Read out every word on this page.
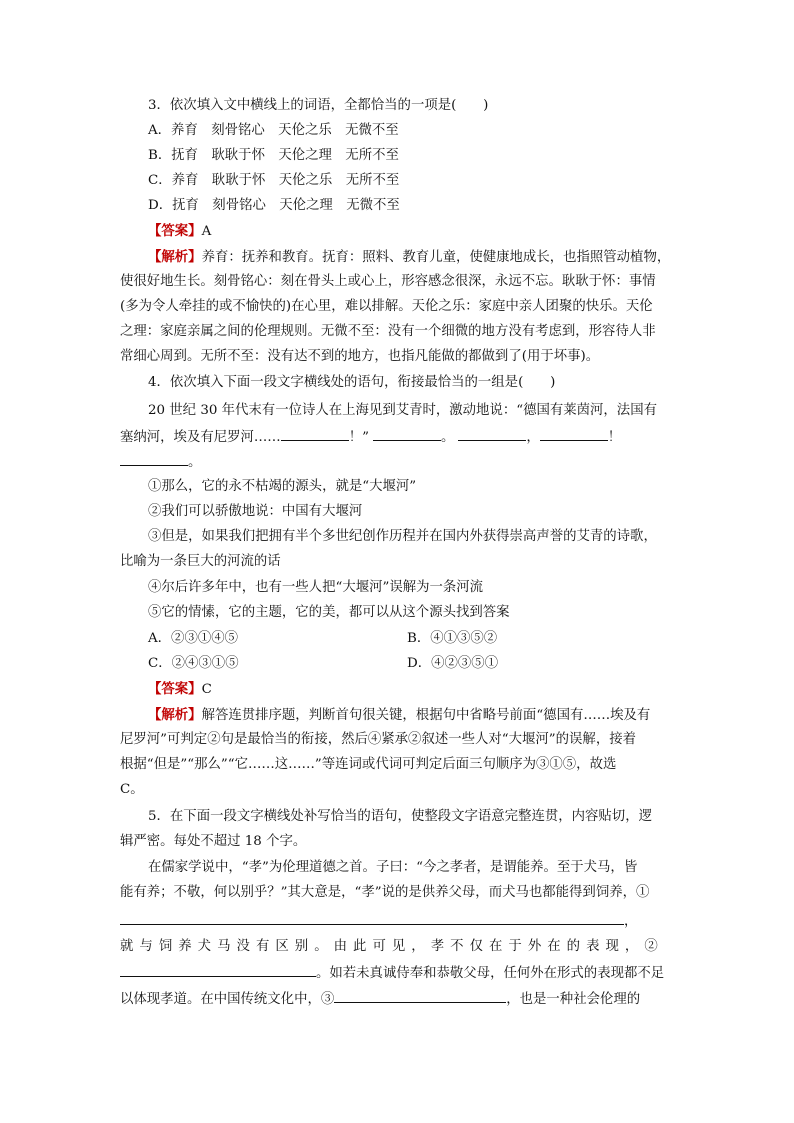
3．依次填入文中横线上的词语，全都恰当的一项是(　　)
A．养育　刻骨铭心　天伦之乐　无微不至
B．抚育　耿耿于怀　天伦之理　无所不至
C．养育　耿耿于怀　天伦之乐　无所不至
D．抚育　刻骨铭心　天伦之理　无微不至
【答案】A
【解析】养育：抚养和教育。抚育：照料、教育儿童，使健康地成长，也指照管动植物，
使很好地生长。刻骨铭心：刻在骨头上或心上，形容感念很深，永远不忘。耿耿于怀：事情
(多为令人牵挂的或不愉快的)在心里，难以排解。天伦之乐：家庭中亲人团聚的快乐。天伦
之理：家庭亲属之间的伦理规则。无微不至：没有一个细微的地方没有考虑到，形容待人非
常细心周到。无所不至：没有达不到的地方，也指凡能做的都做到了(用于坏事)。
4．依次填入下面一段文字横线处的语句，衔接最恰当的一组是(　　)
20 世纪 30 年代末有一位诗人在上海见到艾青时，激动地说：“德国有莱茵河，法国有
塞纳河，埃及有尼罗河……	！”	。	，	！
。
①那么，它的永不枯竭的源头，就是“大堰河”
②我们可以骄傲地说：中国有大堰河
③但是，如果我们把拥有半个多世纪创作历程并在国内外获得崇高声誉的艾青的诗歌，
比喻为一条巨大的河流的话
④尔后许多年中，也有一些人把“大堰河”误解为一条河流
⑤它的情愫，它的主题，它的美，都可以从这个源头找到答案
A．②③①④⑤	B．④①③⑤②
C．②④③①⑤	D．④②③⑤①
【答案】C
【解析】解答连贯排序题，判断首句很关键，根据句中省略号前面“德国有……埃及有
尼罗河”可判定②句是最恰当的衔接，然后④紧承②叙述一些人对“大堰河”的误解，接着
根据“但是”“那么”“它……这……”等连词或代词可判定后面三句顺序为③①⑤，故选
C。
5．在下面一段文字横线处补写恰当的语句，使整段文字语意完整连贯，内容贴切，逻
辑严密。每处不超过 18 个字。
在儒家学说中，“孝”为伦理道德之首。子曰：“今之孝者，是谓能养。至于犬马，皆
能有养；不敬，何以别乎？”其大意是，“孝”说的是供养父母，而犬马也都能得到饲养，①
，
就与饲养犬马没有区别。由此可见，孝不仅在于外在的表现，②
。如若未真诚侍奉和恭敬父母，任何外在形式的表现都不足
以体现孝道。在中国传统文化中，③	，也是一种社会伦理的
